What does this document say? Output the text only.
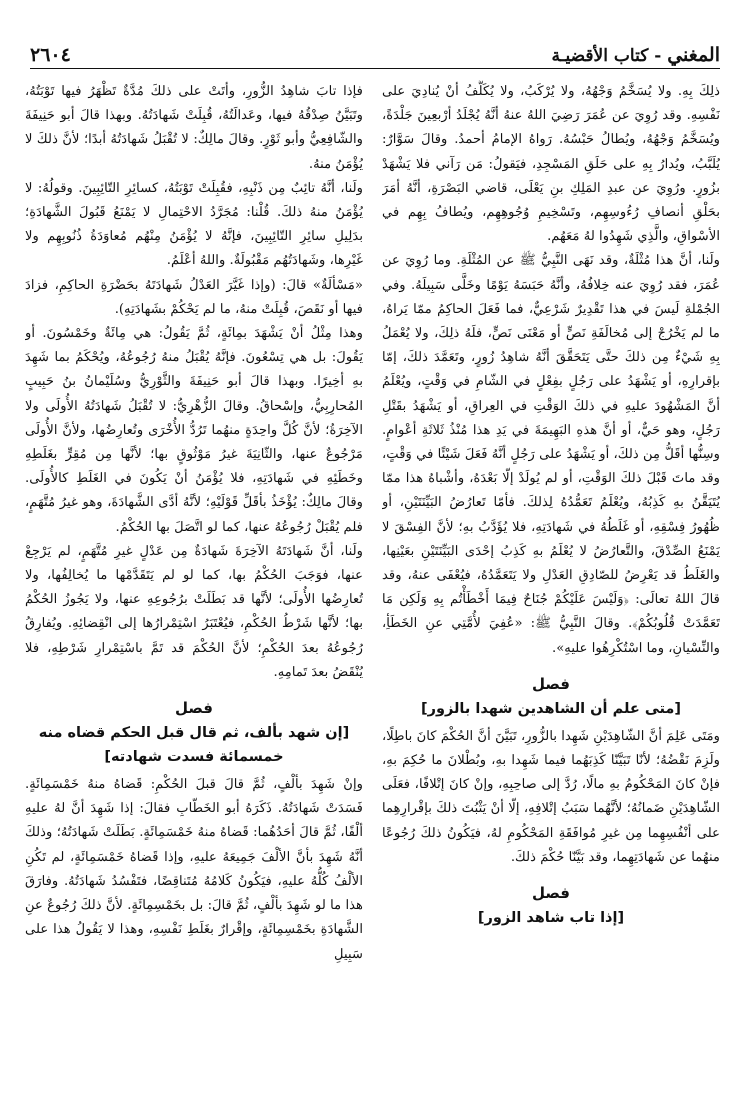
٢٦٠٤	المغني - كتاب الأقضيـة

ذلِكَ بِهِ. ولا يُسَخَّمُ وَجْهُهُ، ولا يُرْكَبُ، ولا يُكَلَّفُ أنْ يُنادِيَ على نَفْسِهِ. وقد رُوِيَ عن عُمَرَ رَضِيَ اللهُ عنهُ أنَّهُ يُجْلَدُ أرْبعِينَ جَلْدَةً، ويُسَخَّمُ وَجْهُهُ، ويُطالُ حَبْسُهُ. رَواهُ الإمامُ أحمدُ. وقالَ سَوَّارٌ: يُلَبَّبُ، ويُدارُ بِهِ على حَلَقِ المَسْجِدِ، فيَقولُ: مَن رَآني فلا يَشْهَدْ بزُورٍ. ورُوِيَ عن عبدِ المَلِكِ بنِ يَعْلَى، قاضي البَصْرَةِ، أنَّهُ أمَرَ بحَلْقِ أنصافِ رُءُوسِهِم، وتَسْخِيمِ وُجُوهِهِم، ويُطافُ بِهِم في الأسْواقِ، والَّذِي شَهِدُوا لهُ مَعَهُم.

ولَنا، أنَّ هذا مُثْلَةٌ، وقد نَهَى النَّبِيُّ ﷺ عن المُثْلَةِ. وما رُوِيَ عن عُمَرَ، فقد رُوِيَ عنه خِلافُهُ، وأنَّهُ حَبَسَهُ يَوْمًا وخَلَّى سَبِيلَهُ. وفي الجُمْلةِ لَيسَ في هذا تَقْدِيرٌ شَرْعِيٌّ، فما فَعَلَ الحاكِمُ ممّا يَراهُ، ما لم يَخْرُجْ إلى مُخالَفَةِ نَصٍّ أو مَعْنَى نَصٍّ، فلَهُ ذلِكَ، ولا يُعْمَلُ بِهِ شَيْءٌ مِن ذلكَ حتَّى يَتَحَقَّقَ أنَّهُ شاهِدُ زُورٍ، وتَعَمَّدَ ذلكَ، إمّا بإقرارِهِ، أو يَشْهَدُ على رَجُلٍ بفِعْلٍ في الشّامِ في وَقْتٍ، ويُعْلَمُ أنَّ المَشْهُودَ عليهِ في ذلكَ الوَقْتِ في العِراقِ، أو يَشْهَدُ بقَتْلِ رَجُلٍ، وهو حَيٌّ، أو أنَّ هذهِ البَهِيمَةَ في يَدِ هذا مُنْذُ ثَلاثَةِ أعْوامٍ. وسِنُّها أقَلُّ مِن ذلكَ، أو يَشْهَدُ على رَجُلٍ أنَّهُ فَعَلَ شَيْئًا في وَقْتٍ، وقد ماتَ قَبْلَ ذلكَ الوَقْتِ، أو لم يُولَدْ إلّا بَعْدَهُ، وأشْباهُ هذا ممّا يُتَيَقَّنُ بهِ كَذِبُهُ، ويُعْلَمُ تَعَمُّدُهُ لِذلكَ. فأمّا تَعارُضُ البَيِّنَتَيْنِ، أو ظُهُورُ فِسْقِهِ، أو غَلَطُهُ في شَهادَتِهِ، فلا يُؤَدَّبُ بهِ؛ لأنَّ الفِسْقَ لا يَمْنَعُ الصِّدْقَ، والتَّعارُضُ لا يُعْلَمُ بهِ كَذِبُ إحْدَى البَيِّنَتَيْنِ بعَيْنِها، والغَلَطُ قد يَعْرِضُ للصّادِقِ العَدْلِ ولا يَتَعَمَّدُهُ، فيُعْفَى عنهُ، وقد قالَ اللهُ تعالَى: ﴿وَلَيْسَ عَلَيْكُمْ جُنَاحٌ فِيمَا أَخْطَأْتُم بِهِ وَلَكِن مَا تَعَمَّدَتْ قُلُوبُكُمْ﴾. وقالَ النَّبِيُّ ﷺ: «عُفِيَ لأُمَّتِي عنِ الخَطَأِ، والنِّسْيانِ، وما اسْتُكْرِهُوا عليهِ».

فصل
[متى علم أن الشاهدين شهدا بالزور]

ومَتَى عَلِمَ أنَّ الشّاهِدَيْنِ شَهِدا بالزُّورِ، تَبَيَّنَ أنَّ الحُكْمَ كانَ باطِلًا، ولَزِمَ نَقْضُهُ؛ لأنّا تَبَيَّنّا كَذِبَهُما فيما شَهِدا بهِ، وبُطْلانَ ما حُكِمَ بهِ، فإنْ كانَ المَحْكُومُ بهِ مالًا، رُدَّ إلى صاحِبِهِ، وإنْ كانَ إتْلافًا، فعَلَى الشّاهِدَيْنِ ضَمانُهُ؛ لأنَّهُما سَبَبُ إتْلافِهِ، إلّا أنْ يَثْبُتَ ذلكَ بإقْرارِهِما على أنْفُسِهِما مِن غيرِ مُوافَقَةِ المَحْكُومِ لهُ، فيَكُونُ ذلكَ رُجُوعًا منهُما عن شَهادَتِهِما، وقد بَيَّنّا حُكْمَ ذلكَ.

فصل
[إذا تاب شاهد الزور]

فإذا تابَ شاهِدُ الزُّورِ، وأتَتْ على ذلكَ مُدَّةٌ تَظْهَرُ فيها تَوْبَتُهُ، وتَبَيَّنُ صِدْقُهُ فيها، وعَدالَتُهُ، قُبِلَتْ شَهادَتُهُ. وبهذا قالَ أبو حَنِيفَةَ والشّافِعِيُّ وأبو ثَوْرٍ. وقالَ مالِكٌ: لا تُقْبَلُ شَهادَتُهُ أبدًا؛ لأنَّ ذلكَ لا يُؤْمَنُ منهُ.

ولَنا، أنَّهُ تائِبٌ مِن ذَنْبِهِ، فقُبِلَتْ تَوْبَتُهُ، كسائِرِ التّائِبِينَ. وقولُهُ: لا يُؤْمَنُ منهُ ذلكَ. قُلْنا: مُجَرَّدُ الاحْتِمالِ لا يَمْنَعُ قَبُولَ الشَّهادَةِ؛ بدَلِيلِ سائِرِ التّائِبِينَ، فإنَّهُ لا يُؤْمَنُ مِنْهُم مُعاوَدَةُ ذُنُوبِهِم ولا غَيْرِها، وشَهادَتُهُم مَقْبُولَةٌ. واللهُ أعْلَمُ.

«مَسْألَةٌ» قالَ: (وإذا غَيَّرَ العَدْلُ شَهادَتَهُ بحَضْرَةِ الحاكِمِ، فزادَ فيها أو نَقَصَ، قُبِلَتْ منهُ، ما لم يَحْكُمْ بشَهادَتِهِ).

وهذا مِثْلُ أنْ يَشْهَدَ بمِائَةٍ، ثُمَّ يَقُولُ: هي مِائَةٌ وخَمْسُونَ. أو يَقُولَ: بل هي تِسْعُونَ. فإنَّهُ يُقْبَلُ منهُ رُجُوعُهُ، ويُحْكَمُ بما شَهِدَ بهِ أخِيرًا. وبهذا قالَ أبو حَنِيفَةَ والثَّوْرِيُّ وسُلَيْمانُ بنُ حَبِيبٍ المُحارِبِيُّ، وإسْحاقُ. وقالَ الزُّهْرِيُّ: لا تُقْبَلُ شَهادَتُهُ الأُولَى ولا الآخِرَةُ؛ لأنَّ كُلَّ واحِدَةٍ منهُما تَرُدُّ الأُخْرَى وتُعارِضُها، ولأنَّ الأُولَى مَرْجُوعٌ عنها، والثّانِيَةَ غيرُ مَوْثُوقٍ بها؛ لأنَّها مِن مُقِرٍّ بغَلَطِهِ وخَطَئِهِ في شَهادَتِهِ، فلا يُؤْمَنُ أنْ يَكُونَ في الغَلَطِ كالأُولَى. وقالَ مالِكٌ: يُؤْخَذُ بأقَلِّ قَوْلَيْهِ؛ لأنَّهُ أدَّى الشَّهادَةَ، وهو غيرُ مُتَّهَمٍ، فلم يُقْبَلْ رُجُوعُهُ عنها، كما لو اتَّصَلَ بها الحُكْمُ.

ولَنا، أنَّ شَهادَتَهُ الآخِرَةَ شَهادَةٌ مِن عَدْلٍ غيرِ مُتَّهَمٍ، لم يَرْجِعْ عنها، فوَجَبَ الحُكْمُ بها، كما لو لم يَتَقَدَّمْها ما يُخالِفُها، ولا تُعارِضُها الأُولَى؛ لأنَّها قد بَطَلَتْ برُجُوعِهِ عنها، ولا يَجُوزُ الحُكْمُ بها؛ لأنَّها شَرْطُ الحُكْمِ، فيُعْتَبَرُ اسْتِمْرارُها إلى انْقِضائِهِ. ويُفارِقُ رُجُوعُهُ بعدَ الحُكْمِ؛ لأنَّ الحُكْمَ قد تَمَّ باسْتِمْرارِ شَرْطِهِ، فلا يُنْقَضُ بعدَ تَمامِهِ.

فصل
[إن شهد بألف، ثم قال قبل الحكم قضاه منه
خمسمائة فسدت شهادته]

وإنْ شَهِدَ بألْفٍ، ثُمَّ قالَ قبلَ الحُكْمِ: قَضاهُ منهُ خَمْسَمِائَةٍ. فَسَدَتْ شَهادَتُهُ. ذَكَرَهُ أبو الخَطّابِ فقالَ: إذا شَهِدَ أنَّ لهُ عليهِ ألْفًا، ثُمَّ قالَ أحَدُهُما: قَضاهُ منهُ خَمْسَمِائَةٍ. بَطَلَتْ شَهادَتُهُ؛ وذلكَ أنَّهُ شَهِدَ بأنَّ الألْفَ جَمِيعَهُ عليهِ، وإذا قَضاهُ خَمْسَمِائَةٍ، لم تَكُنِ الألْفُ كُلُّهُ عليهِ، فيَكُونُ كَلامُهُ مُتَناقِضًا، فتَفْسُدُ شَهادَتُهُ. وفارَقَ هذا ما لو شَهِدَ بألْفٍ، ثُمَّ قالَ: بل بخَمْسِمِائَةٍ. لأنَّ ذلكَ رُجُوعٌ عنِ الشَّهادَةِ بخَمْسِمِائَةٍ، وإقْرارٌ بغَلَطِ نَفْسِهِ، وهذا لا يَقُولُ هذا على سَبِيلِ
